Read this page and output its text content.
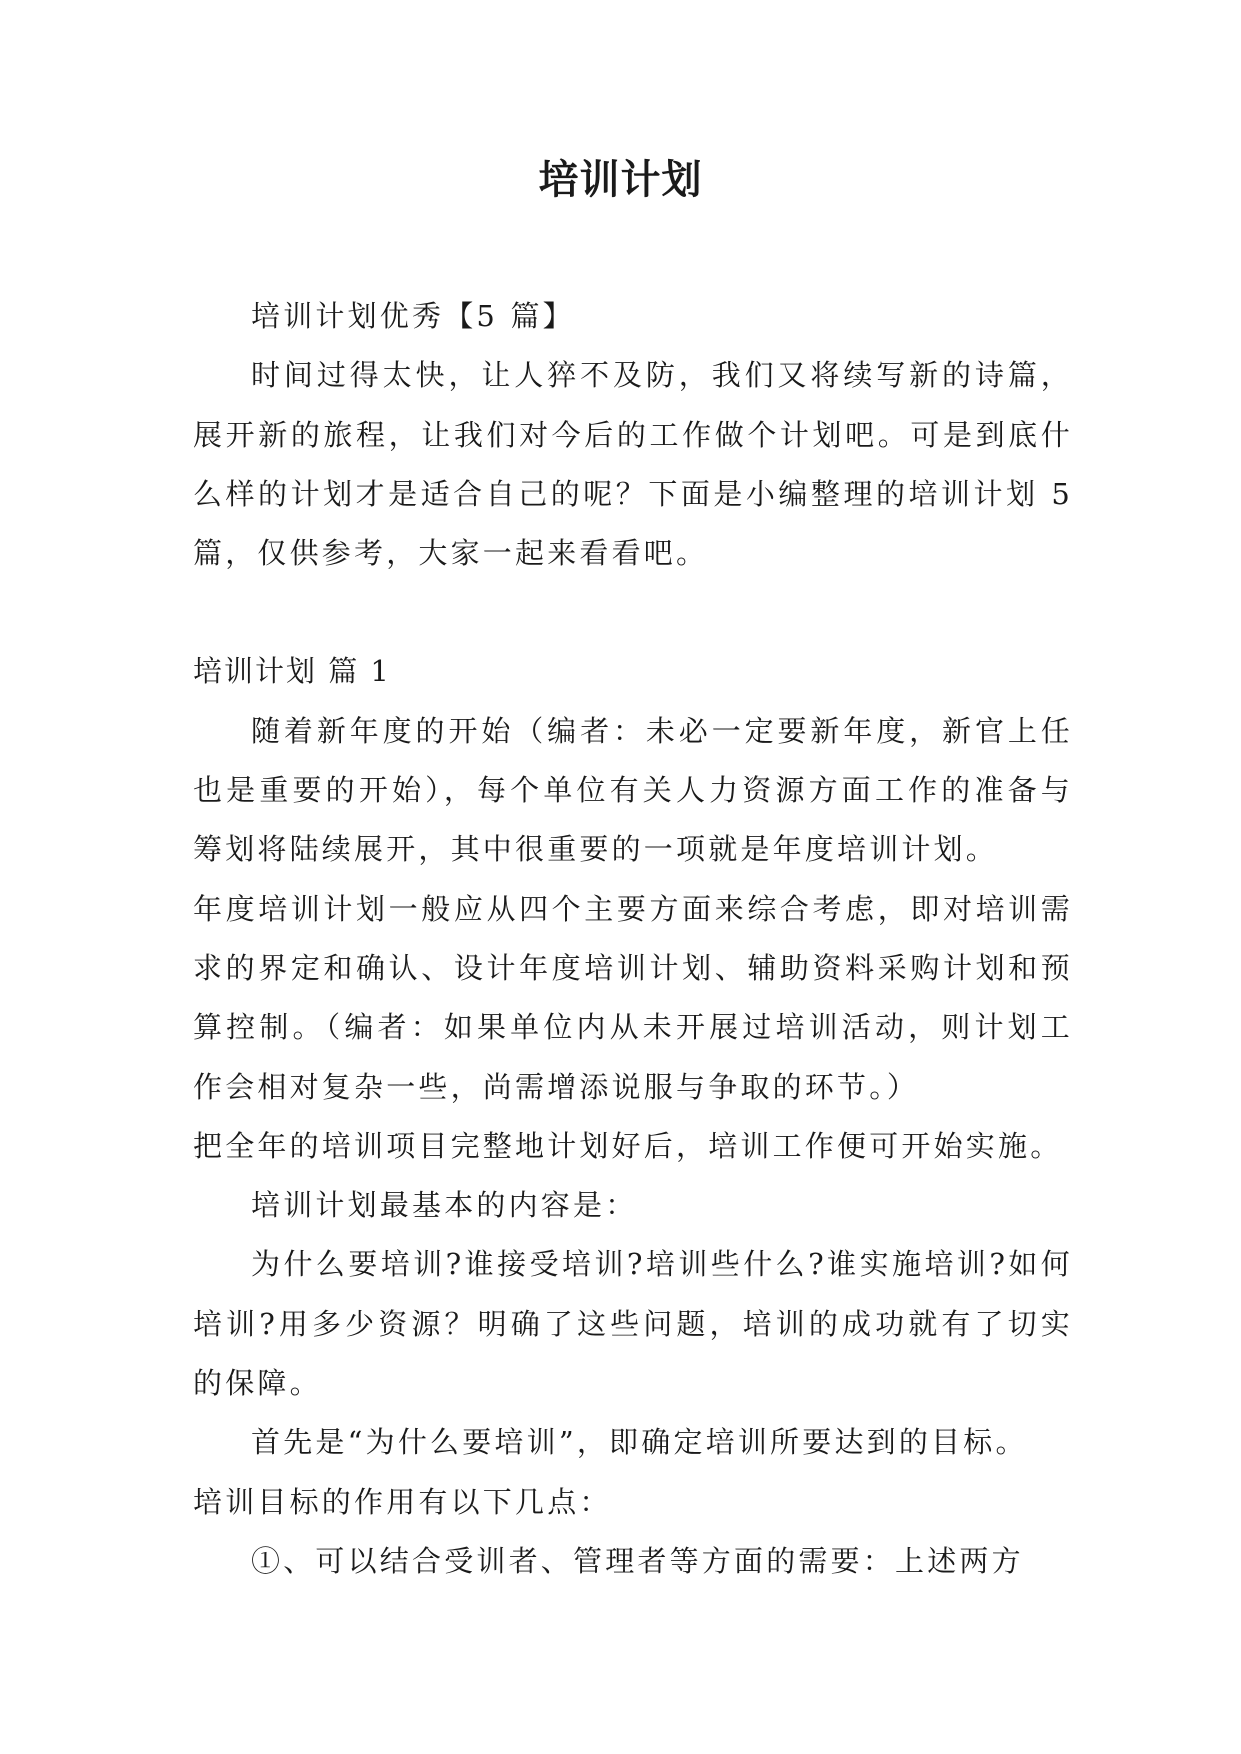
培训计划

培训计划优秀【5 篇】

时间过得太快，让人猝不及防，我们又将续写新的诗篇，展开新的旅程，让我们对今后的工作做个计划吧。可是到底什么样的计划才是适合自己的呢？下面是小编整理的培训计划 5 篇，仅供参考，大家一起来看看吧。

培训计划 篇 1

随着新年度的开始（编者：未必一定要新年度，新官上任也是重要的开始），每个单位有关人力资源方面工作的准备与筹划将陆续展开，其中很重要的一项就是年度培训计划。

年度培训计划一般应从四个主要方面来综合考虑，即对培训需求的界定和确认、设计年度培训计划、辅助资料采购计划和预算控制。（编者：如果单位内从未开展过培训活动，则计划工作会相对复杂一些，尚需增添说服与争取的环节。）

把全年的培训项目完整地计划好后，培训工作便可开始实施。

培训计划最基本的内容是：

为什么要培训?谁接受培训?培训些什么?谁实施培训?如何培训?用多少资源？明确了这些问题，培训的成功就有了切实的保障。

首先是“为什么要培训”，即确定培训所要达到的目标。

培训目标的作用有以下几点：

①、可以结合受训者、管理者等方面的需要：上述两方
